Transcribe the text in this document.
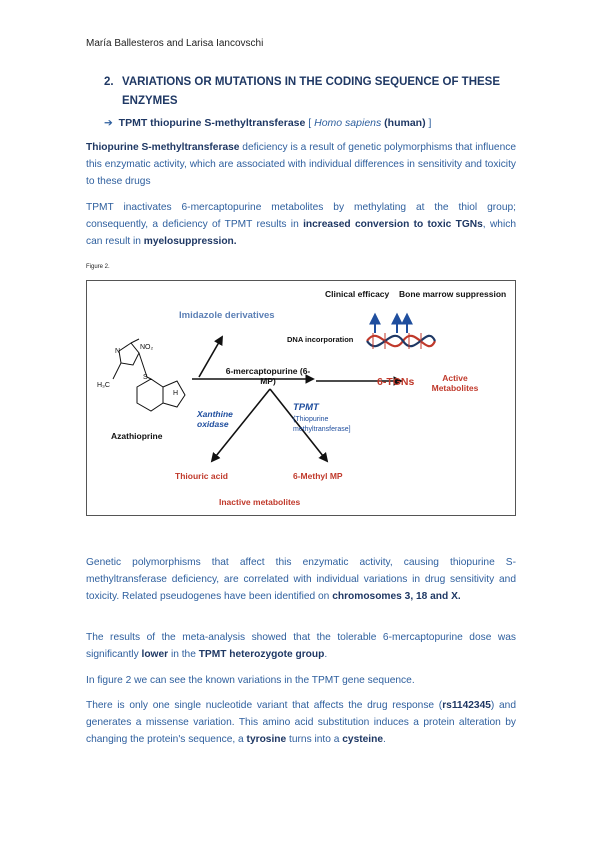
María Ballesteros and Larisa Iancovschi
2. VARIATIONS OR MUTATIONS IN THE CODING SEQUENCE OF THESE
ENZYMES
➔ TPMT thiopurine S-methyltransferase [ Homo sapiens (human) ]
Thiopurine S-methyltransferase deficiency is a result of genetic polymorphisms that influence this enzymatic activity, which are associated with individual differences in sensitivity and toxicity to these drugs
TPMT inactivates 6-mercaptopurine metabolites by methylating at the thiol group; consequently, a deficiency of TPMT results in increased conversion to toxic TGNs, which can result in myelosuppression.
Figure 2.
Clinical efficacy Bone marrow suppression
Imidazole derivatives
DNA incorporation
NO₂
N
S
H
H₃C
Azathioprine
6-mercaptopurine (6-MP)	6-TGNs	Active Metabolites
Xanthine oxidase
TPMT
(Thiopurine methyltransferase]
Thiouric acid	6-Methyl MP
Inactive metabolites
Genetic polymorphisms that affect this enzymatic activity, causing thiopurine S-methyltransferase deficiency, are correlated with individual variations in drug sensitivity and toxicity. Related pseudogenes have been identified on chromosomes 3, 18 and X.
The results of the meta-analysis showed that the tolerable 6-mercaptopurine dose was significantly lower in the TPMT heterozygote group.
In figure 2 we can see the known variations in the TPMT gene sequence.
There is only one single nucleotide variant that affects the drug response (rs1142345) and generates a missense variation. This amino acid substitution induces a protein alteration by changing the protein's sequence, a tyrosine turns into a cysteine.
